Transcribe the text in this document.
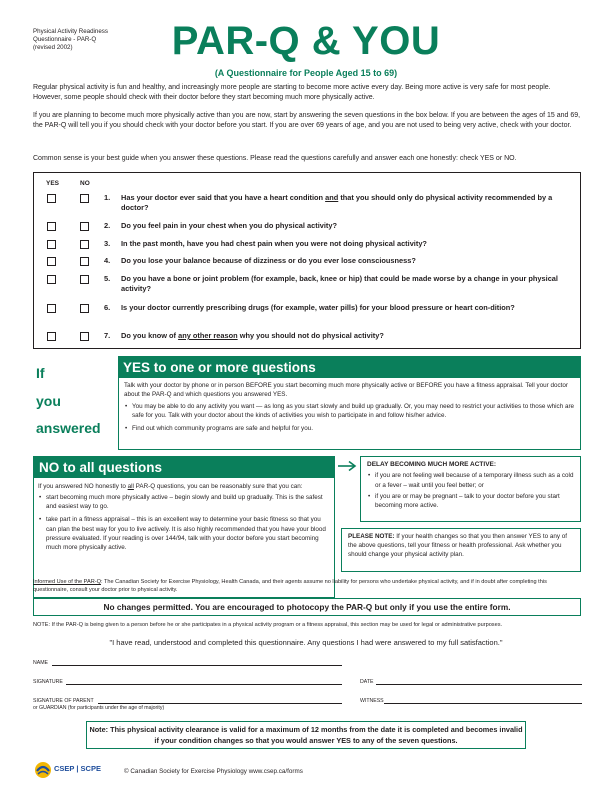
Physical Activity Readiness
Questionnaire - PAR-Q
(revised 2002)	PAR-Q & YOU
(A Questionnaire for People Aged 15 to 69)
Regular physical activity is fun and healthy, and increasingly more people are starting to become more active every day. Being more active is very safe for most people. However, some people should check with their doctor before they start becoming much more physically active.
If you are planning to become much more physically active than you are now, start by answering the seven questions in the box below. If you are between the ages of 15 and 69, the PAR-Q will tell you if you should check with your doctor before you start. If you are over 69 years of age, and you are not used to being very active, check with your doctor.
Common sense is your best guide when you answer these questions. Please read the questions carefully and answer each one honestly: check YES or NO.
YES	NO
1. Has your doctor ever said that you have a heart condition and that you should only do physical activity recommended by a doctor?
2. Do you feel pain in your chest when you do physical activity?
3. In the past month, have you had chest pain when you were not doing physical activity?
4. Do you lose your balance because of dizziness or do you ever lose consciousness?
5. Do you have a bone or joint problem (for example, back, knee or hip) that could be made worse by a change in your physical activity?
6. Is your doctor currently prescribing drugs (for example, water pills) for your blood pressure or heart con-dition?
7. Do you know of any other reason why you should not do physical activity?
If
you
answered
YES to one or more questions
Talk with your doctor by phone or in person BEFORE you start becoming much more physically active or BEFORE you have a fitness appraisal. Tell your doctor about the PAR-Q and which questions you answered YES.
• You may be able to do any activity you want — as long as you start slowly and build up gradually. Or, you may need to restrict your activities to those which are safe for you. Talk with your doctor about the kinds of activities you wish to participate in and follow his/her advice.
• Find out which community programs are safe and helpful for you.
NO to all questions
If you answered NO honestly to all PAR-Q questions, you can be reasonably sure that you can:
• start becoming much more physically active – begin slowly and build up gradually. This is the safest and easiest way to go.
• take part in a fitness appraisal – this is an excellent way to determine your basic fitness so that you can plan the best way for you to live actively. It is also highly recommended that you have your blood pressure evaluated. If your reading is over 144/94, talk with your doctor before you start becoming much more physically active.
DELAY BECOMING MUCH MORE ACTIVE:
• if you are not feeling well because of a temporary illness such as a cold or a fever – wait until you feel better; or
• if you are or may be pregnant – talk to your doctor before you start becoming more active.
PLEASE NOTE: If your health changes so that you then answer YES to any of the above questions, tell your fitness or health professional. Ask whether you should change your physical activity plan.
Informed Use of the PAR-Q: The Canadian Society for Exercise Physiology, Health Canada, and their agents assume no liability for persons who undertake physical activity, and if in doubt after completing this questionnaire, consult your doctor prior to physical activity.
No changes permitted. You are encouraged to photocopy the PAR-Q but only if you use the entire form.
NOTE: If the PAR-Q is being given to a person before he or she participates in a physical activity program or a fitness appraisal, this section may be used for legal or administrative purposes.
"I have read, understood and completed this questionnaire. Any questions I had were answered to my full satisfaction."
NAME
SIGNATURE	DATE
SIGNATURE OF PARENT
or GUARDIAN (for participants under the age of majority)
WITNESS
Note: This physical activity clearance is valid for a maximum of 12 months from the date it is completed and becomes invalid if your condition changes so that you would answer YES to any of the seven questions.
CSEP | SCPE	© Canadian Society for Exercise Physiology www.csep.ca/forms
